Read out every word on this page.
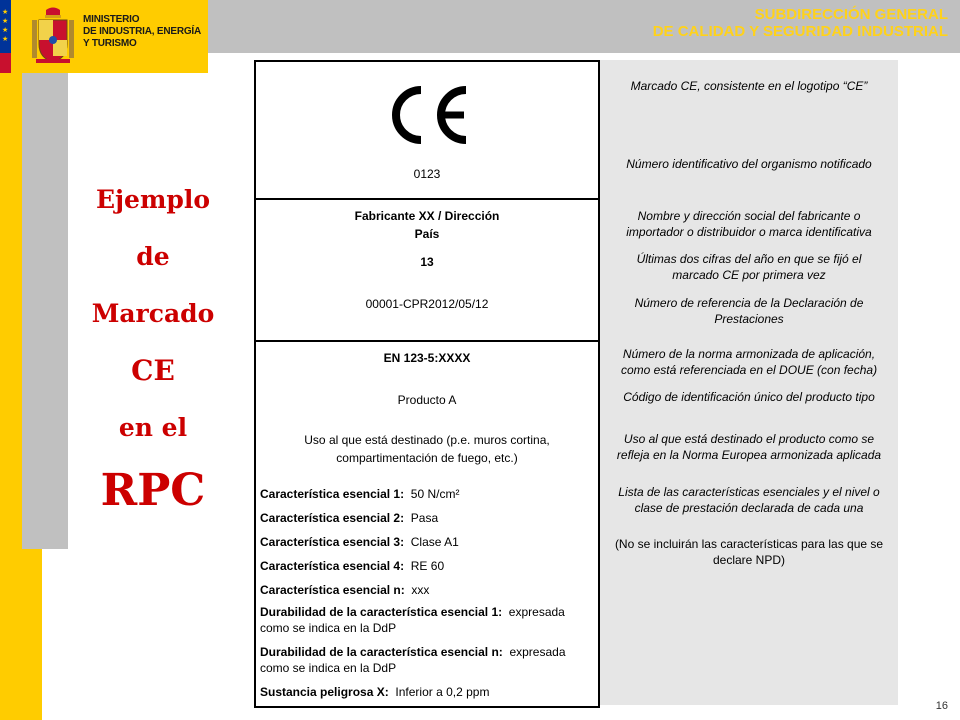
★
★
★
★
MINISTERIO
DE INDUSTRIA, ENERGÍA
Y TURISMO
SUBDIRECCIÓN GENERAL
DE CALIDAD Y SEGURIDAD INDUSTRIAL
Ejemplo
de
Marcado
CE
en el
RPC
0123
Fabricante XX / Dirección
País
13
00001-CPR2012/05/12
EN 123-5:XXXX
Producto A
Uso al que está destinado (p.e. muros cortina,
compartimentación de fuego, etc.)
Característica esencial 1: 50 N/cm²
Característica esencial 2: Pasa
Característica esencial 3: Clase A1
Característica esencial 4: RE 60
Característica esencial n: xxx
Durabilidad de la característica esencial 1: expresada
como se indica en la DdP
Durabilidad de la característica esencial n: expresada
como se indica en la DdP
Sustancia peligrosa X: Inferior a 0,2 ppm
Marcado CE, consistente en el logotipo “CE”
Número identificativo del organismo notificado
Nombre y dirección social del fabricante o
importador o distribuidor o marca identificativa
Últimas dos cifras del año en que se fijó el
marcado CE por primera vez
Número de referencia de la Declaración de
Prestaciones
Número de la norma armonizada de aplicación,
como está referenciada en el DOUE (con fecha)
Código de identificación único del producto tipo
Uso al que está destinado el producto como se
refleja en la Norma Europea armonizada aplicada
Lista de las características esenciales y el nivel o
clase de prestación declarada de cada una
(No se incluirán las características para las que se
declare NPD)
16
